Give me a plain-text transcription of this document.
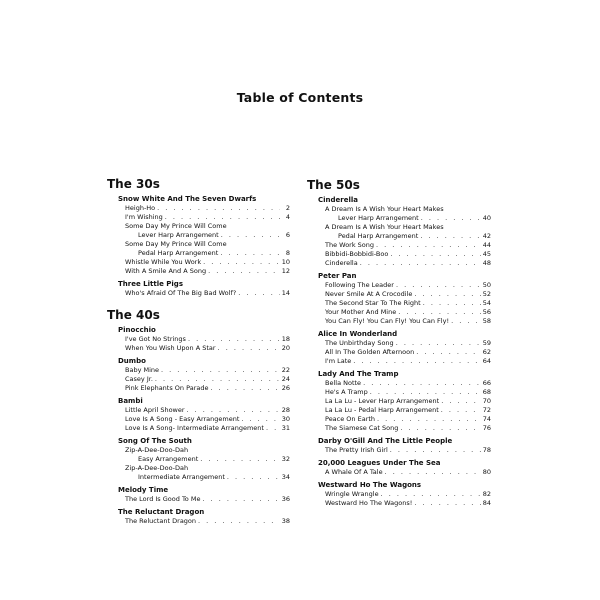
Table of Contents
The 30s
Snow White And The Seven Dwarfs
Heigh-Ho . . .	2
I'm Wishing . . .	4
Some Day My Prince Will Come
Lever Harp Arrangement . . .	6
Some Day My Prince Will Come
Pedal Harp Arrangement . . .	8
Whistle While You Work . . .	10
With A Smile And A Song . . .	12
Three Little Pigs
Who's Afraid Of The Big Bad Wolf? . . .	14
The 40s
Pinocchio
I've Got No Strings . . .	18
When You Wish Upon A Star . . .	20
Dumbo
Baby Mine . . .	22
Casey Jr. . . .	24
Pink Elephants On Parade . . .	26
Bambi
Little April Shower . . .	28
Love Is A Song - Easy Arrangement . . .	30
Love Is A Song- Intermediate Arrangement . . .	31
Song Of The South
Zip-A-Dee-Doo-Dah
Easy Arrangement . . .	32
Zip-A-Dee-Doo-Dah
Intermediate Arrangement . . .	34
Melody Time
The Lord Is Good To Me . . .	36
The Reluctant Dragon
The Reluctant Dragon . . .	38
The 50s
Cinderella
A Dream Is A Wish Your Heart Makes
Lever Harp Arrangement . . .	40
A Dream Is A Wish Your Heart Makes
Pedal Harp Arrangement . . .	42
The Work Song . . .	44
Bibbidi-Bobbidi-Boo . . .	45
Cinderella . . .	48
Peter Pan
Following The Leader . . .	50
Never Smile At A Crocodile . . .	52
The Second Star To The Right . . .	54
Your Mother And Mine . . .	56
You Can Fly! You Can Fly! You Can Fly! . . .	58
Alice In Wonderland
The Unbirthday Song . . .	59
All In The Golden Afternoon . . .	62
I'm Late . . .	64
Lady And The Tramp
Bella Notte . . .	66
He's A Tramp . . .	68
La La Lu - Lever Harp Arrangement . . .	70
La La Lu - Pedal Harp Arrangement . . .	72
Peace On Earth . . .	74
The Siamese Cat Song . . .	76
Darby O'Gill And The Little People
The Pretty Irish Girl . . .	78
20,000 Leagues Under The Sea
A Whale Of A Tale . . .	80
Westward Ho The Wagons
Wringle Wrangle . . .	82
Westward Ho The Wagons! . . .	84
